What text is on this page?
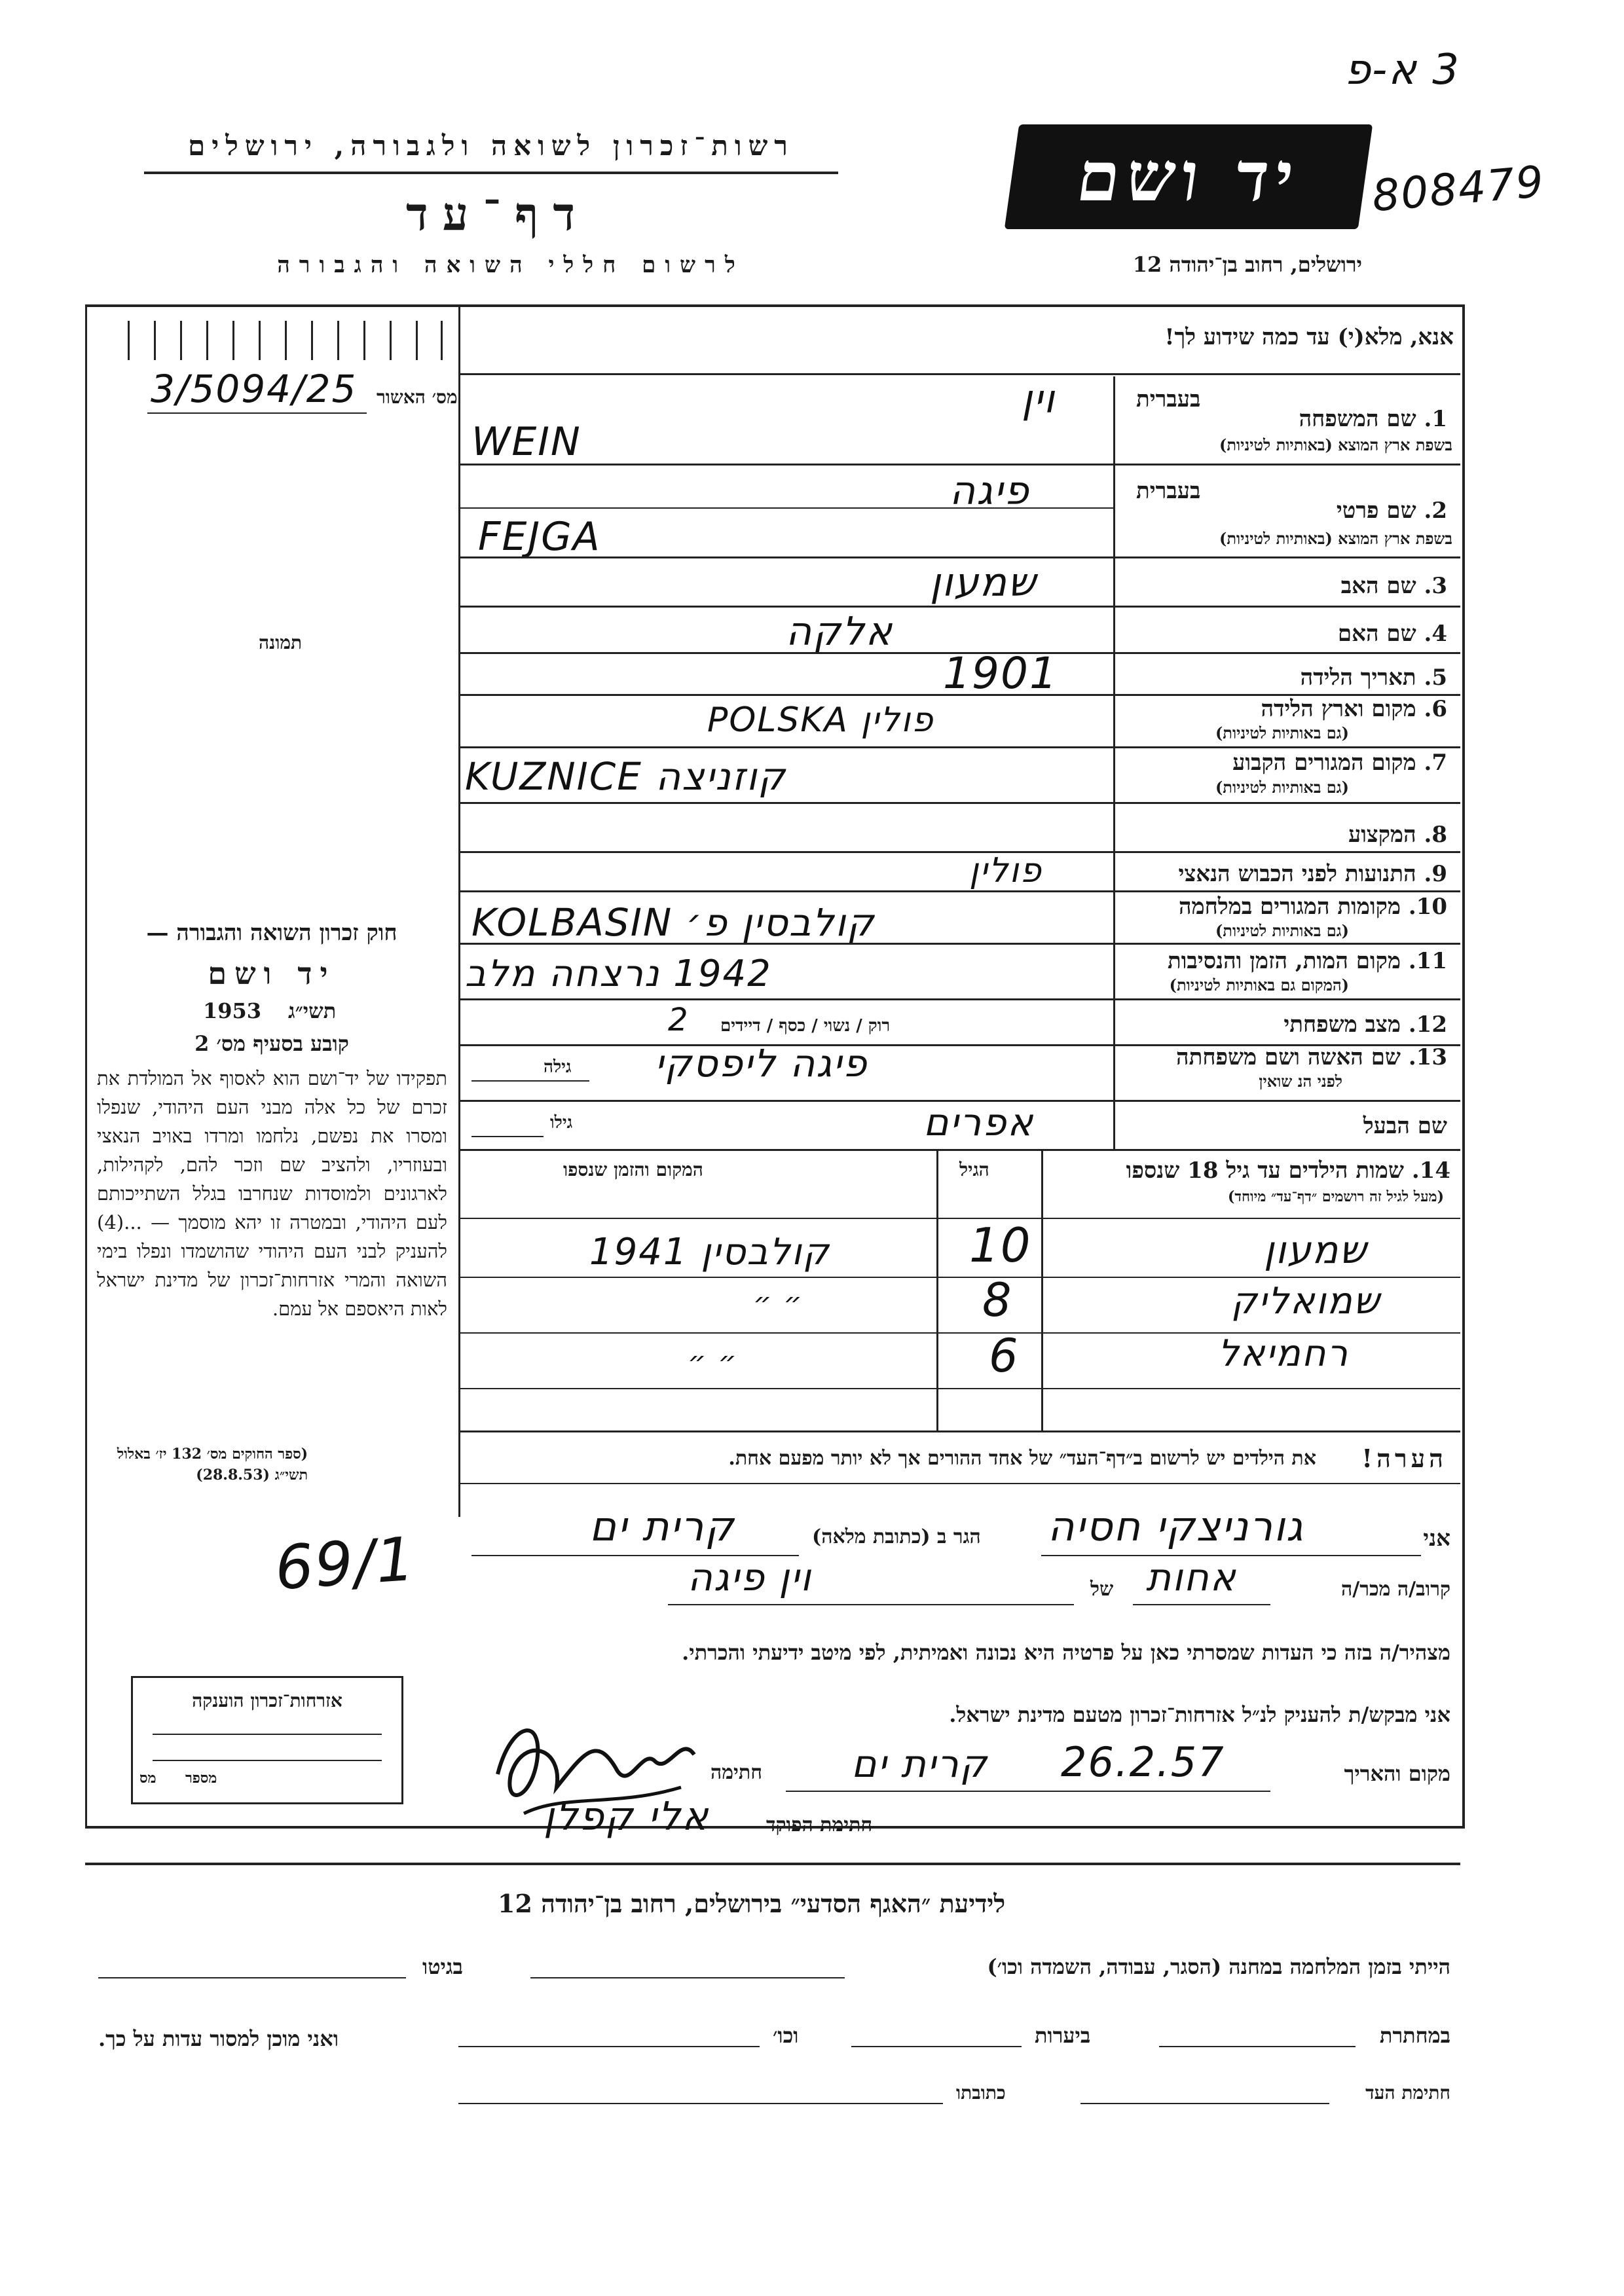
3 א-פ
רשות־זכרון לשואה ולגבורה, ירושלים
דף־עד
לרשום חללי השואה והגבורה
יד ושם	808479
ירושלים, רחוב בן־יהודה 12
אנא, מלא(י) עד כמה שידוע לך!
3/5094/25 מס׳ האשור
תמונה
1. שם המשפחה
בשפת ארץ המוצא (באותיות לטיניות)
בעברית
וין
WEIN
2. שם פרטי
בשפת ארץ המוצא (באותיות לטיניות)
בעברית
פיגה
FEJGA
3. שם האב
שמעון
4. שם האם
אלקה
5. תאריך הלידה
1901
6. מקום וארץ הלידה
(גם באותיות לטיניות)
פולין POLSKA
7. מקום המגורים הקבוע
(גם באותיות לטיניות)
קוזניצה KUZNICE
8. המקצוע
9. התנועות לפני הכבוש הנאצי
פולין
10. מקומות המגורים במלחמה
(גם באותיות לטיניות)
קולבסין פ׳ KOLBASIN
11. מקום המות, הזמן והנסיבות
(המקום גם באותיות לטיניות)
1942 נרצחה מלב
12. מצב משפחתי
רוק / נשוי / כסף / דיידים
2
13. שם האשה ושם משפחתה
לפני הנ שואין
פיגה ליפסקי
גילה
שם הבעל
אפרים
גילו
14. שמות הילדים עד גיל 18 שנספו
(מעל לגיל זה רושמים ״דף־עד״ מיוחד)
הגיל
המקום והזמן שנספו
שמעון
10
קולבסין 1941
שמואליק
8
״ ״
רחמיאל
6
״ ״
חוק זכרון השואה והגבורה —
יד ושם
תשי״ג
1953
קובע בסעיף מס׳ 2
תפקידו של יד־ושם הוא לאסוף אל המולדת את זכרם של כל אלה מבני העם היהודי, שנפלו ומסרו את נפשם, נלחמו ומרדו באויב הנאצי ובעוזריו, ולהציב שם וזכר להם, לקהילות, לארגונים ולמוסדות שנחרבו בגלל השתייכותם לעם היהודי, ובמטרה זו יהא מוסמך — ...(4) להעניק לבני העם היהודי שהושמדו ונפלו בימי השואה והמרי אזרחות־זכרון של מדינת ישראל לאות היאספם אל עמם.
(ספר החוקים מס׳ 132 יז׳ באלול תשי״ג (28.8.53)
הערה!
את הילדים יש לרשום ב״דף־העד״ של אחד ההורים אך לא יותר מפעם אחת.
69/1	אני
גורניצקי חסיה
הגר ב (כתובת מלאה)
קרית ים
קרוב/ה מכר/ה
אחות
של
וין פיגה
מצהיר/ה בזה כי העדות שמסרתי כאן על פרטיה היא נכונה ואמיתית, לפי מיטב ידיעתי והכרתי.
אני מבקש/ת להעניק לנ״ל אזרחות־זכרון מטעם מדינת ישראל.
מקום והאריך
26.2.57
קרית ים
חתימה
חתימת הפוקד
אלי קפלן
אזרחות־זכרון הוענקה
מספר
מס
לידיעת ״האגף הסדעי״ בירושלים, רחוב בן־יהודה 12
הייתי בזמן המלחמה במחנה (הסגר, עבודה, השמדה וכו׳)
בגיטו
במחתרת
ביערות
וכו׳
ואני מוכן למסור עדות על כך.
חתימת העד
כתובתו
